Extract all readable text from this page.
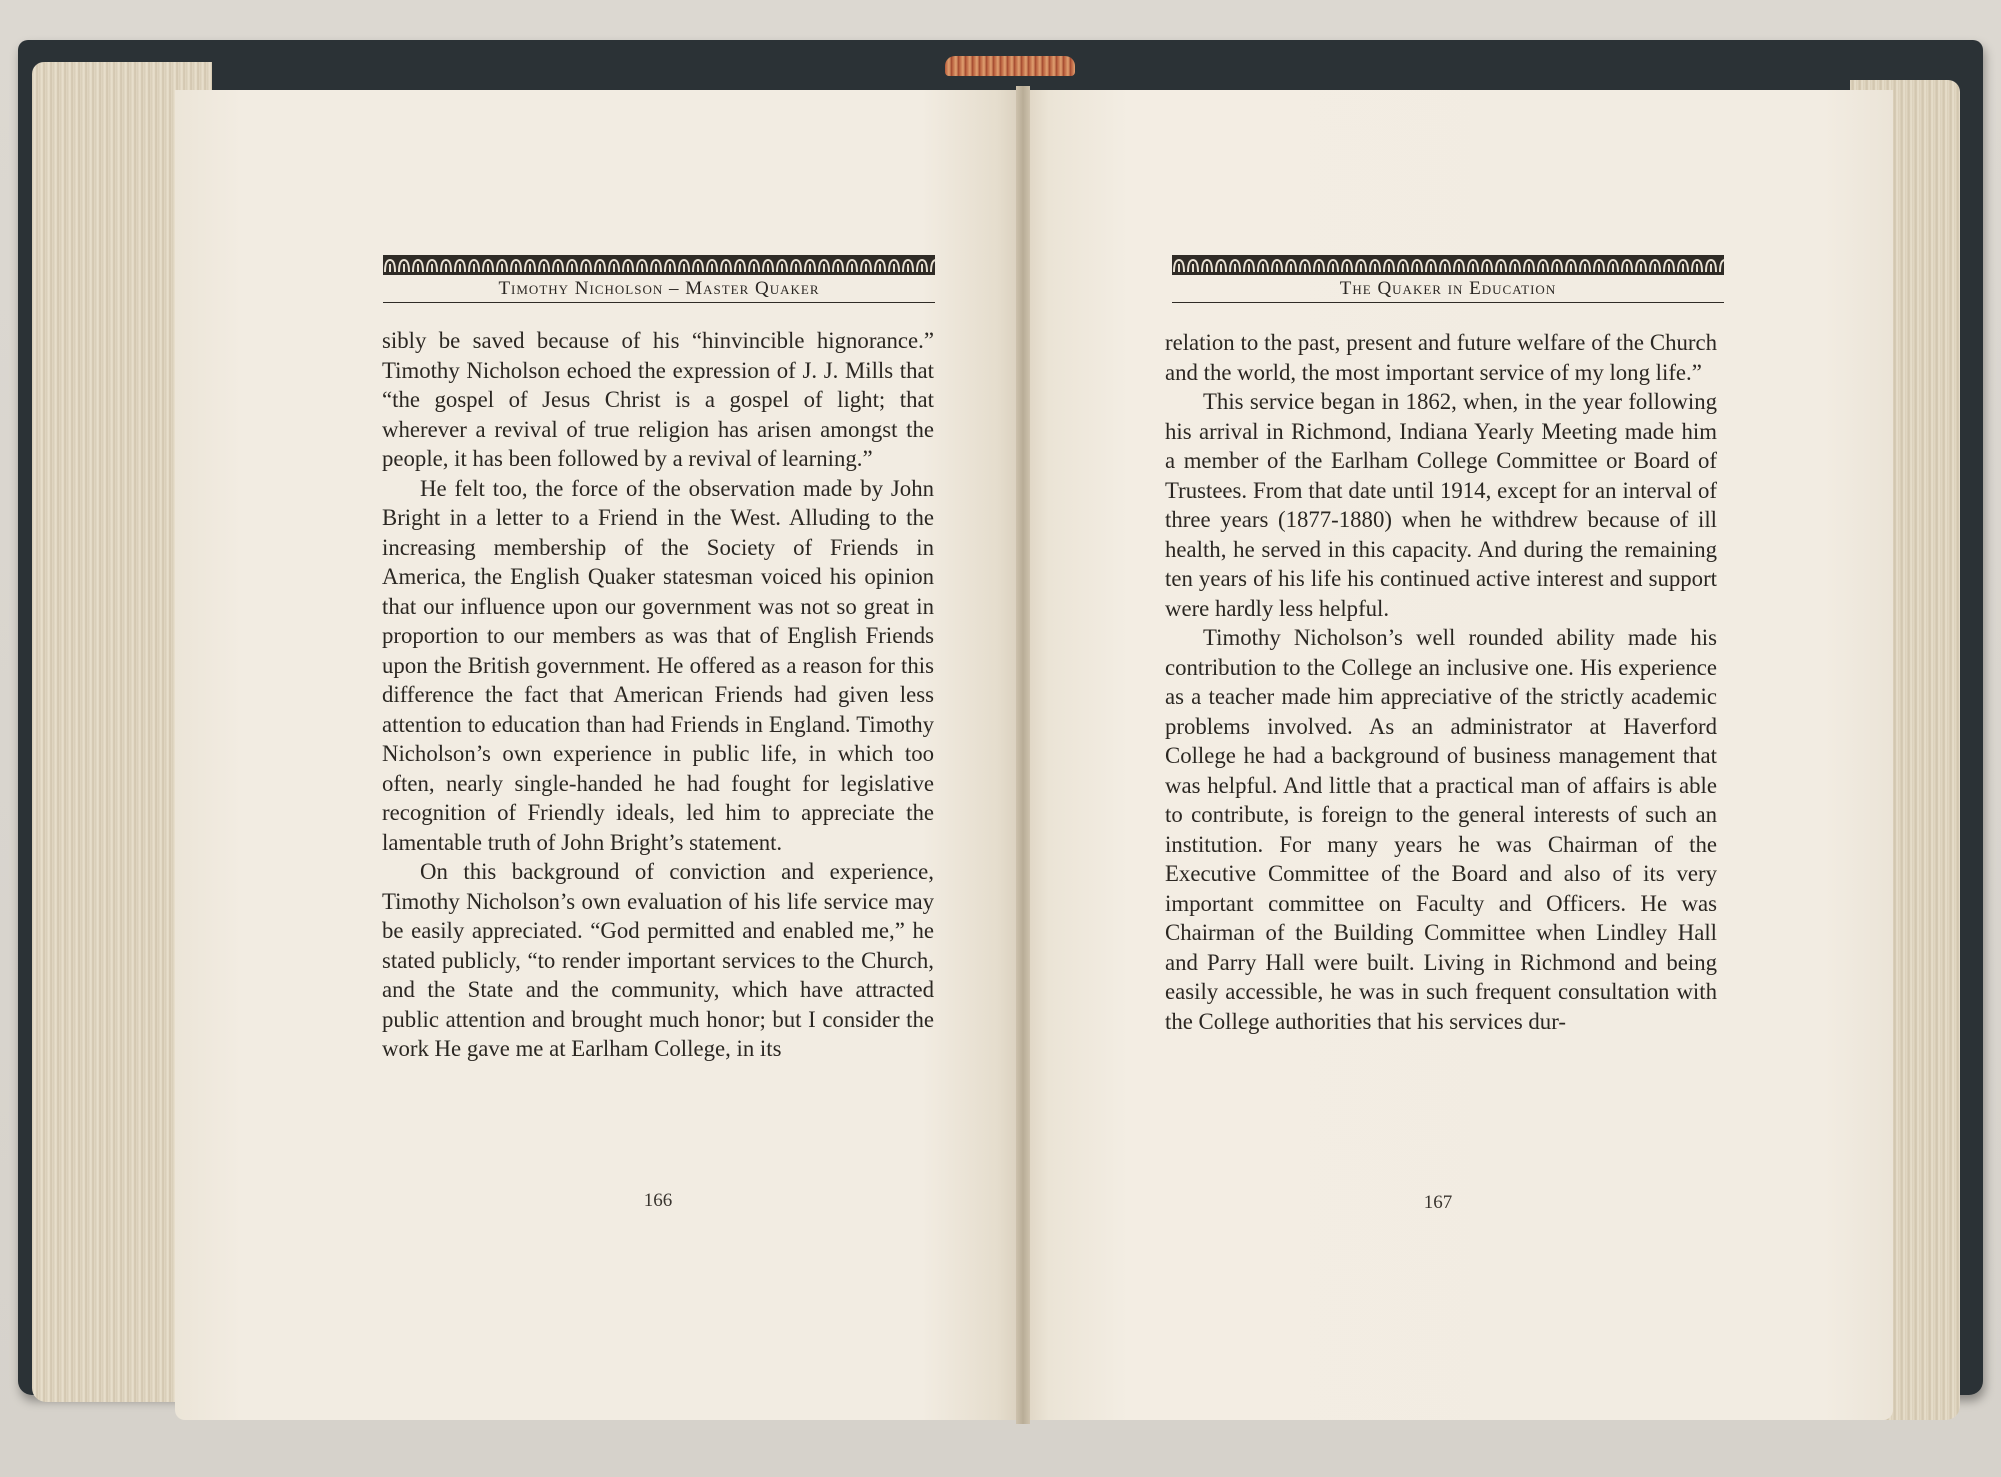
Timothy Nicholson – Master Quaker

sibly be saved because of his “hinvincible hignorance.” Timothy Nicholson echoed the expression of J. J. Mills that “the gospel of Jesus Christ is a gospel of light; that wherever a revival of true religion has arisen amongst the people, it has been followed by a revival of learning.”

He felt too, the force of the observation made by John Bright in a letter to a Friend in the West. Alluding to the increasing membership of the Society of Friends in America, the English Quaker statesman voiced his opinion that our influence upon our government was not so great in proportion to our members as was that of English Friends upon the British government. He offered as a reason for this difference the fact that American Friends had given less attention to education than had Friends in England. Timothy Nicholson’s own experience in public life, in which too often, nearly single-handed he had fought for legislative recognition of Friendly ideals, led him to appreciate the lamentable truth of John Bright’s statement.

On this background of conviction and experience, Timothy Nicholson’s own evaluation of his life service may be easily appreciated. “God permitted and enabled me,” he stated publicly, “to render important services to the Church, and the State and the community, which have attracted public attention and brought much honor; but I consider the work He gave me at Earlham College, in its

166
The Quaker in Education

relation to the past, present and future welfare of the Church and the world, the most important service of my long life.”

This service began in 1862, when, in the year following his arrival in Richmond, Indiana Yearly Meeting made him a member of the Earlham College Committee or Board of Trustees. From that date until 1914, except for an interval of three years (1877-1880) when he withdrew because of ill health, he served in this capacity. And during the remaining ten years of his life his continued active interest and support were hardly less helpful.

Timothy Nicholson’s well rounded ability made his contribution to the College an inclusive one. His experience as a teacher made him appreciative of the strictly academic problems involved. As an administrator at Haverford College he had a background of business management that was helpful. And little that a practical man of affairs is able to contribute, is foreign to the general interests of such an institution. For many years he was Chairman of the Executive Committee of the Board and also of its very important committee on Faculty and Officers. He was Chairman of the Building Committee when Lindley Hall and Parry Hall were built. Living in Richmond and being easily accessible, he was in such frequent consultation with the College authorities that his services dur-

167
